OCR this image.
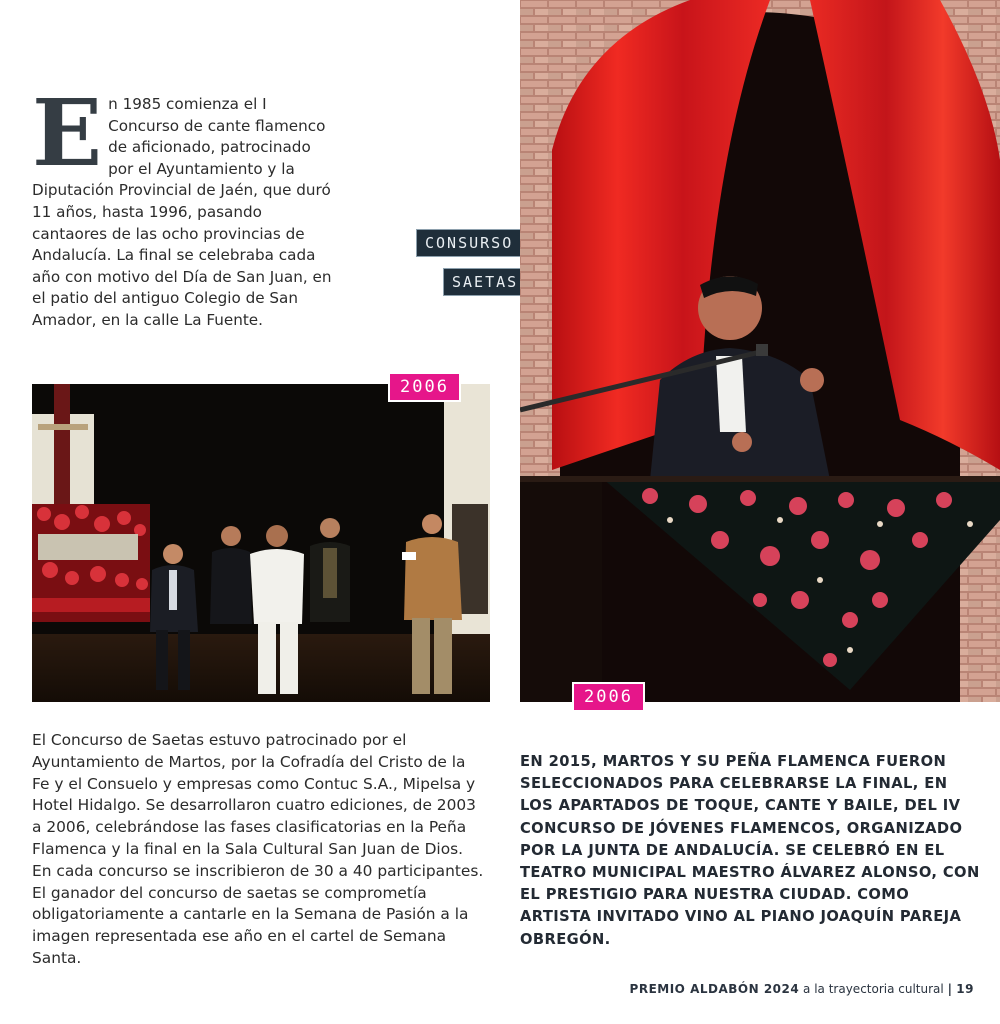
E n 1985 comienza el I Concurso de cante flamenco de aficionado, patrocinado por el Ayuntamiento y la Diputación Provincial de Jaén, que duró 11 años, hasta 1996, pasando cantaores de las ocho provincias de Andalucía. La final se celebraba cada año con motivo del Día de San Juan, en el patio del antiguo Colegio de San Amador, en la calle La Fuente.

CONSURSO
SAETAS
2006
2006

El Concurso de Saetas estuvo patrocinado por el Ayuntamiento de Martos, por la Cofradía del Cristo de la Fe y el Consuelo y empresas como Contuc S.A., Mipelsa y Hotel Hidalgo. Se desarrollaron cuatro ediciones, de 2003 a 2006, celebrándose las fases clasificatorias en la Peña Flamenca y la final en la Sala Cultural San Juan de Dios. En cada concurso se inscribieron de 30 a 40 participantes. El ganador del concurso de saetas se comprometía obligatoriamente a cantarle en la Semana de Pasión a la imagen representada ese año en el cartel de Semana Santa.

EN 2015, MARTOS Y SU PEÑA FLAMENCA FUERON SELECCIONADOS PARA CELEBRARSE LA FINAL, EN LOS APARTADOS DE TOQUE, CANTE Y BAILE, DEL IV CONCURSO DE JÓVENES FLAMENCOS, ORGANIZADO POR LA JUNTA DE ANDALUCÍA. SE CELEBRÓ EN EL TEATRO MUNICIPAL MAESTRO ÁLVAREZ ALONSO, CON EL PRESTIGIO PARA NUESTRA CIUDAD. COMO ARTISTA INVITADO VINO AL PIANO JOAQUÍN PAREJA OBREGÓN.

PREMIO ALDABÓN 2024 a la trayectoria cultural | 19
